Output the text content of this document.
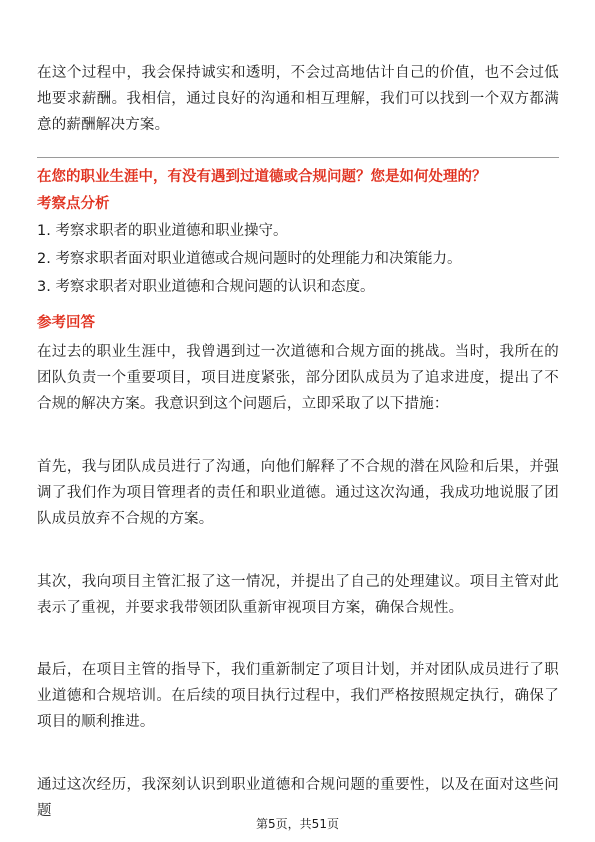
在这个过程中，我会保持诚实和透明，不会过高地估计自己的价值，也不会过低地要求薪酬。我相信，通过良好的沟通和相互理解，我们可以找到一个双方都满意的薪酬解决方案。

在您的职业生涯中，有没有遇到过道德或合规问题？您是如何处理的？

考察点分析

1. 考察求职者的职业道德和职业操守。

2. 考察求职者面对职业道德或合规问题时的处理能力和决策能力。

3. 考察求职者对职业道德和合规问题的认识和态度。

参考回答

在过去的职业生涯中，我曾遇到过一次道德和合规方面的挑战。当时，我所在的团队负责一个重要项目，项目进度紧张，部分团队成员为了追求进度，提出了不合规的解决方案。我意识到这个问题后，立即采取了以下措施：

首先，我与团队成员进行了沟通，向他们解释了不合规的潜在风险和后果，并强调了我们作为项目管理者的责任和职业道德。通过这次沟通，我成功地说服了团队成员放弃不合规的方案。

其次，我向项目主管汇报了这一情况，并提出了自己的处理建议。项目主管对此表示了重视，并要求我带领团队重新审视项目方案，确保合规性。

最后，在项目主管的指导下，我们重新制定了项目计划，并对团队成员进行了职业道德和合规培训。在后续的项目执行过程中，我们严格按照规定执行，确保了项目的顺利推进。

通过这次经历，我深刻认识到职业道德和合规问题的重要性，以及在面对这些问题

第5页，共51页
